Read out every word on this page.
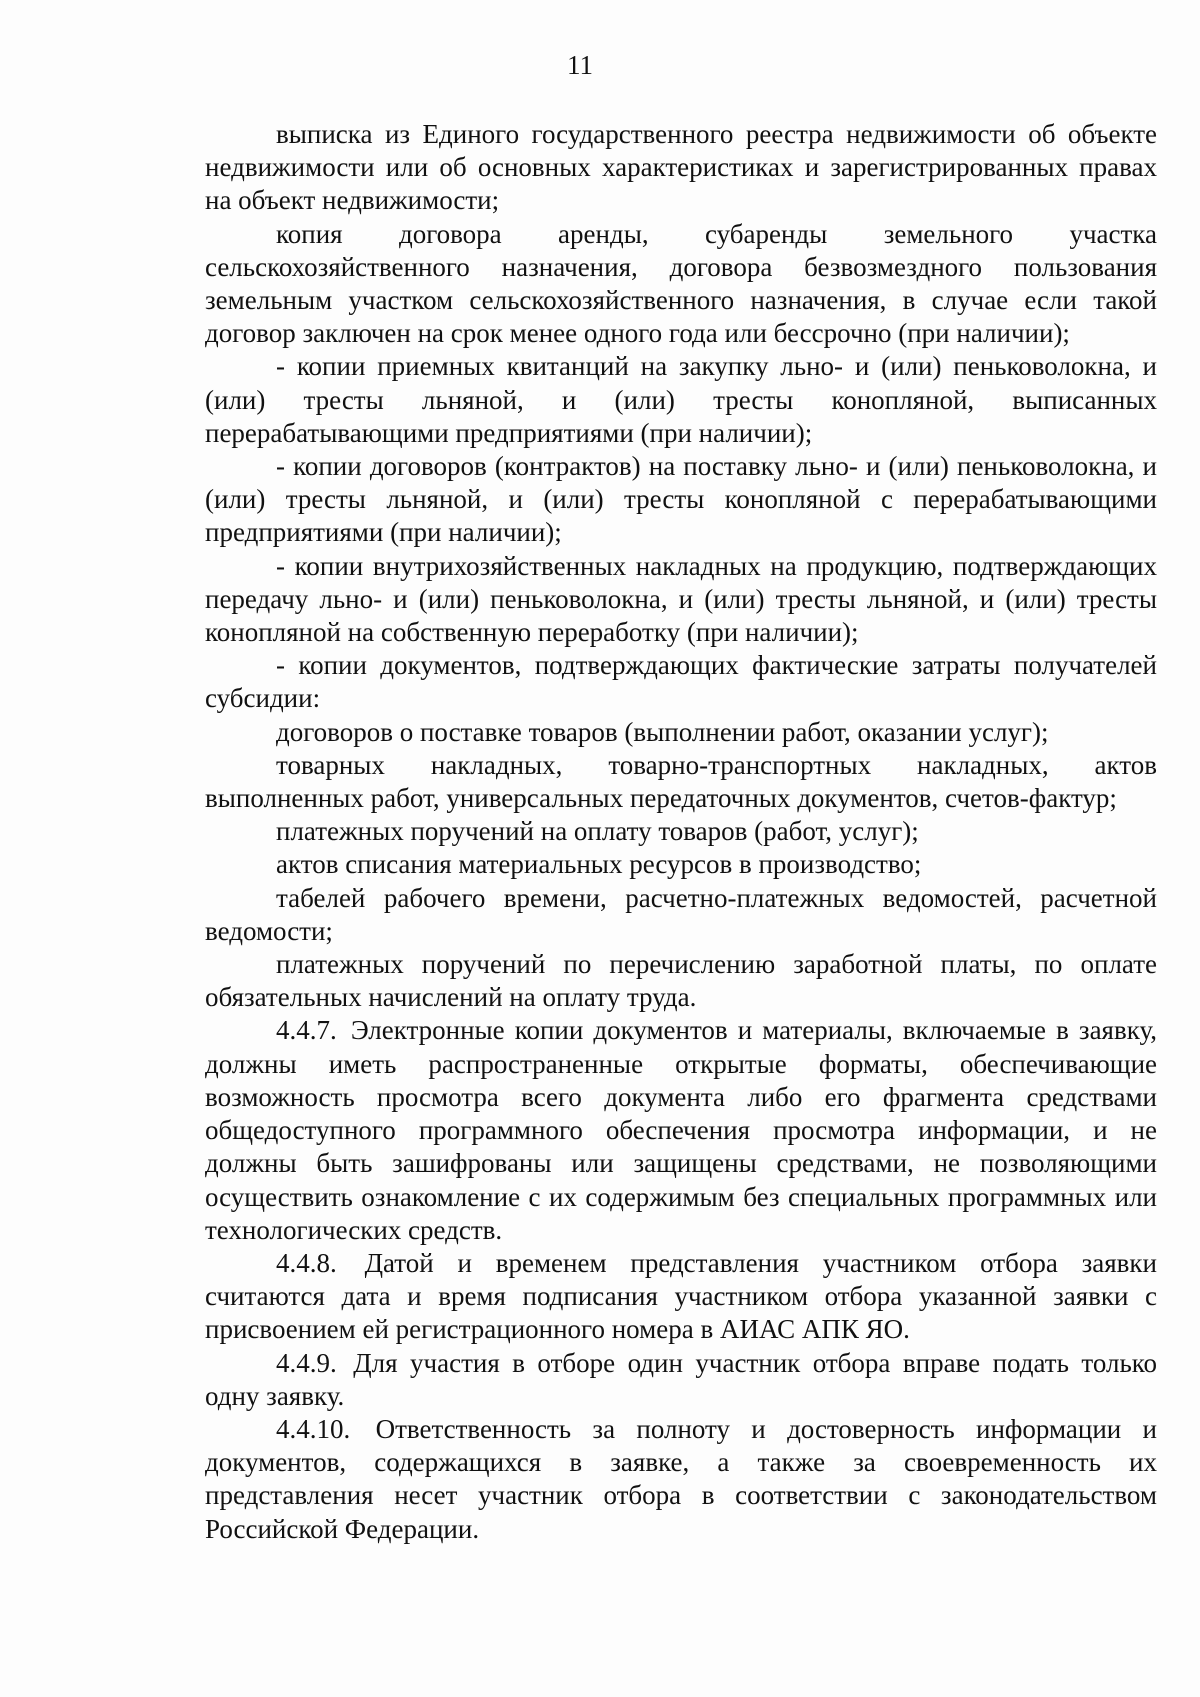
11

выписка из Единого государственного реестра недвижимости об объекте недвижимости или об основных характеристиках и зарегистрированных правах на объект недвижимости;

копия договора аренды, субаренды земельного участка сельскохозяйственного назначения, договора безвозмездного пользования земельным участком сельскохозяйственного назначения, в случае если такой договор заключен на срок менее одного года или бессрочно (при наличии);

- копии приемных квитанций на закупку льно- и (или) пеньковолокна, и (или) тресты льняной, и (или) тресты конопляной, выписанных перерабатывающими предприятиями (при наличии);

- копии договоров (контрактов) на поставку льно- и (или) пеньковолокна, и (или) тресты льняной, и (или) тресты конопляной с перерабатывающими предприятиями (при наличии);

- копии внутрихозяйственных накладных на продукцию, подтверждающих передачу льно- и (или) пеньковолокна, и (или) тресты льняной, и (или) тресты конопляной на собственную переработку (при наличии);

- копии документов, подтверждающих фактические затраты получателей субсидии:

договоров о поставке товаров (выполнении работ, оказании услуг);

товарных накладных, товарно-транспортных накладных, актов выполненных работ, универсальных передаточных документов, счетов-фактур;

платежных поручений на оплату товаров (работ, услуг);

актов списания материальных ресурсов в производство;

табелей рабочего времени, расчетно-платежных ведомостей, расчетной ведомости;

платежных поручений по перечислению заработной платы, по оплате обязательных начислений на оплату труда.

4.4.7. Электронные копии документов и материалы, включаемые в заявку, должны иметь распространенные открытые форматы, обеспечивающие возможность просмотра всего документа либо его фрагмента средствами общедоступного программного обеспечения просмотра информации, и не должны быть зашифрованы или защищены средствами, не позволяющими осуществить ознакомление с их содержимым без специальных программных или технологических средств.

4.4.8. Датой и временем представления участником отбора заявки считаются дата и время подписания участником отбора указанной заявки с присвоением ей регистрационного номера в АИАС АПК ЯО.

4.4.9. Для участия в отборе один участник отбора вправе подать только одну заявку.

4.4.10. Ответственность за полноту и достоверность информации и документов, содержащихся в заявке, а также за своевременность их представления несет участник отбора в соответствии с законодательством Российской Федерации.
